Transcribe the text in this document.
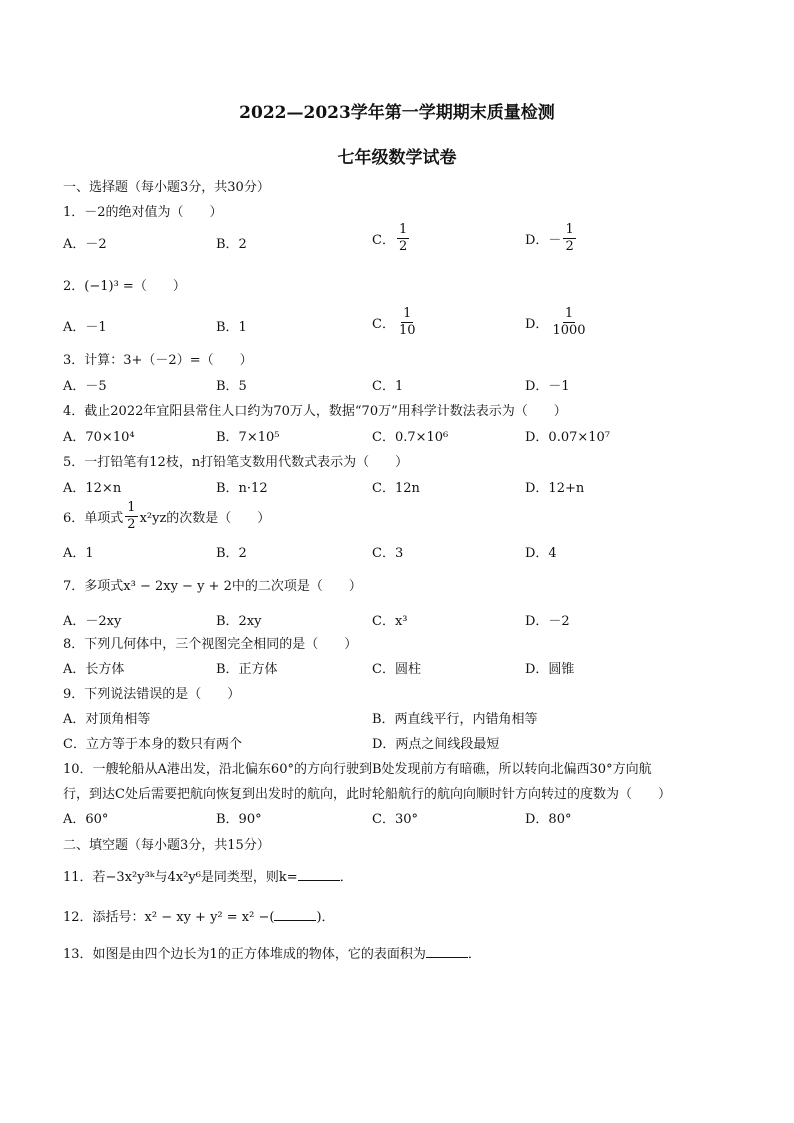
2022—2023学年第一学期期末质量检测
七年级数学试卷
一、选择题（每小题3分，共30分）
1．－2的绝对值为（　　）
A．－2	B．2	C． $\frac{1}{2}$	D．－ $\frac{1}{2}$
2．(−1)³ =（　　）
A．－1	B．1	C． $\frac{1}{10}$	D． $\frac{1}{1000}$
3．计算：3+（－2）=（　　）
A．－5	B．5	C．1	D．－1
4．截止2022年宜阳县常住人口约为70万人，数据“70万”用科学计数法表示为（　　）
A．70×10⁴	B．7×10⁵	C．0.7×10⁶	D．0.07×10⁷
5．一打铅笔有12枝，n打铅笔支数用代数式表示为（　　）
A．12×n	B．n·12	C．12n	D．12+n
6．单项式 $\frac{1}{2} x^2yz$的次数是（　　）
A．1	B．2	C．3	D．4
7．多项式x³ − 2xy − y + 2中的二次项是（　　）
A．－2xy	B．2xy	C．x³	D．－2
8．下列几何体中，三个视图完全相同的是（　　）
A．长方体	B．正方体	C．圆柱	D．圆锥
9．下列说法错误的是（　　）
A．对顶角相等	B．两直线平行，内错角相等
C．立方等于本身的数只有两个	D．两点之间线段最短
10．一艘轮船从A港出发，沿北偏东60°的方向行驶到B处发现前方有暗礁，所以转向北偏西30°方向航
行，到达C处后需要把航向恢复到出发时的航向，此时轮船航行的航向向顺时针方向转过的度数为（　　）
A．60°	B．90°	C．30°	D．80°
二、填空题（每小题3分，共15分）
11．若−3x²y³ᵏ与4x²y⁶是同类型，则k=	．
12．添括号：x² − xy + y² = x² −(	)．
13．如图是由四个边长为1的正方体堆成的物体，它的表面积为	．
